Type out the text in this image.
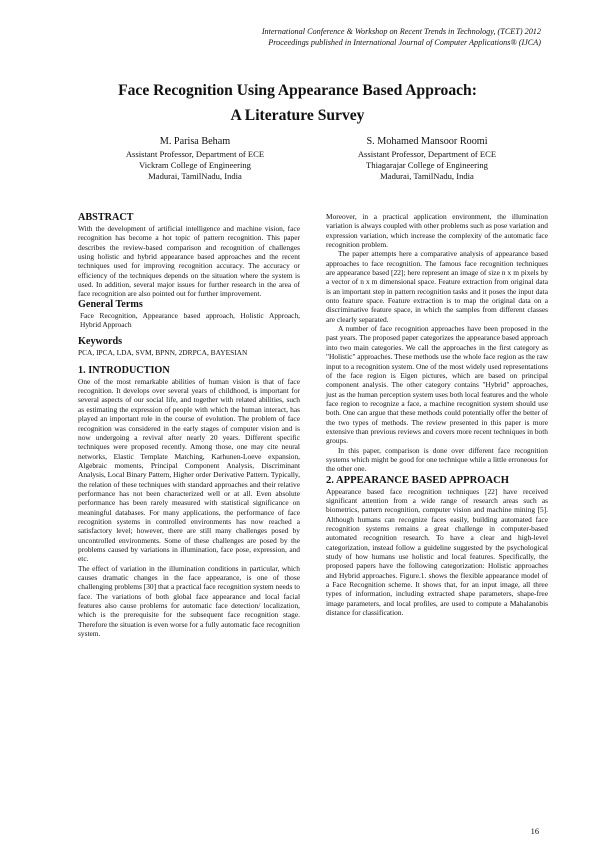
International Conference & Workshop on Recent Trends in Technology, (TCET) 2012
Proceedings published in International Journal of Computer Applications® (IJCA)
Face Recognition Using Appearance Based Approach:
A Literature Survey
M. Parisa Beham
Assistant Professor, Department of ECE
Vickram College of Engineering
Madurai, TamilNadu, India
S. Mohamed Mansoor Roomi
Assistant Professor, Department of ECE
Thiagarajar College of Engineering
Madurai, TamilNadu, India
ABSTRACT

With the development of artificial intelligence and machine vision, face recognition has become a hot topic of pattern recognition. This paper describes the review-based comparison and recognition of challenges using holistic and hybrid appearance based approaches and the recent techniques used for improving recognition accuracy. The accuracy or efficiency of the techniques depends on the situation where the system is used. In addition, several major issues for further research in the area of face recognition are also pointed out for further improvement.

General Terms

Face Recognition, Appearance based approach, Holistic Approach, Hybrid Approach

Keywords

PCA, IPCA, LDA, SVM, BPNN, 2DRPCA, BAYESIAN

1. INTRODUCTION

One of the most remarkable abilities of human vision is that of face recognition. It develops over several years of childhood, is important for several aspects of our social life, and together with related abilities, such as estimating the expression of people with which the human interact, has played an important role in the course of evolution. The problem of face recognition was considered in the early stages of computer vision and is now undergoing a revival after nearly 20 years. Different specific techniques were proposed recently. Among those, one may cite neural networks, Elastic Template Matching, Karhunen-Loeve expansion, Algebraic moments, Principal Component Analysis, Discriminant Analysis, Local Binary Pattern, Higher order Derivative Pattern. Typically, the relation of these techniques with standard approaches and their relative performance has not been characterized well or at all. Even absolute performance has been rarely measured with statistical significance on meaningful databases. For many applications, the performance of face recognition systems in controlled environments has now reached a satisfactory level; however, there are still many challenges posed by uncontrolled environments. Some of these challenges are posed by the problems caused by variations in illumination, face pose, expression, and etc.

The effect of variation in the illumination conditions in particular, which causes dramatic changes in the face appearance, is one of those challenging problems [30] that a practical face recognition system needs to face. The variations of both global face appearance and local facial features also cause problems for automatic face detection/ localization, which is the prerequisite for the subsequent face recognition stage. Therefore the situation is even worse for a fully automatic face recognition system.

Moreover, in a practical application environment, the illumination variation is always coupled with other problems such as pose variation and expression variation, which increase the complexity of the automatic face recognition problem.

The paper attempts here a comparative analysis of appearance based approaches to face recognition. The famous face recognition techniques are appearance based [22]; here represent an image of size n x m pixels by a vector of n x m dimensional space. Feature extraction from original data is an important step in pattern recognition tasks and it poses the input data onto feature space. Feature extraction is to map the original data on a discriminative feature space, in which the samples from different classes are clearly separated.

A number of face recognition approaches have been proposed in the past years. The proposed paper categorizes the appearance based approach into two main categories. We call the approaches in the first category as "Holistic" approaches. These methods use the whole face region as the raw input to a recognition system. One of the most widely used representations of the face region is Eigen pictures, which are based on principal component analysis. The other category contains "Hybrid" approaches, just as the human perception system uses both local features and the whole face region to recognize a face, a machine recognition system should use both. One can argue that these methods could potentially offer the better of the two types of methods. The review presented in this paper is more extensive than previous reviews and covers more recent techniques in both groups.

In this paper, comparison is done over different face recognition systems which might be good for one technique while a little erroneous for the other one.

2. APPEARANCE BASED APPROACH

Appearance based face recognition techniques [22] have received significant attention from a wide range of research areas such as biometrics, pattern recognition, computer vision and machine mining [5]. Although humans can recognize faces easily, building automated face recognition systems remains a great challenge in computer-based automated recognition research. To have a clear and high-level categorization, instead follow a guideline suggested by the psychological study of how humans use holistic and local features. Specifically, the proposed papers have the following categorization: Holistic approaches and Hybrid approaches. Figure.1. shows the flexible appearance model of a Face Recognition scheme. It shows that, for an input image, all three types of information, including extracted shape parameters, shape-free image parameters, and local profiles, are used to compute a Mahalanobis distance for classification.

16
